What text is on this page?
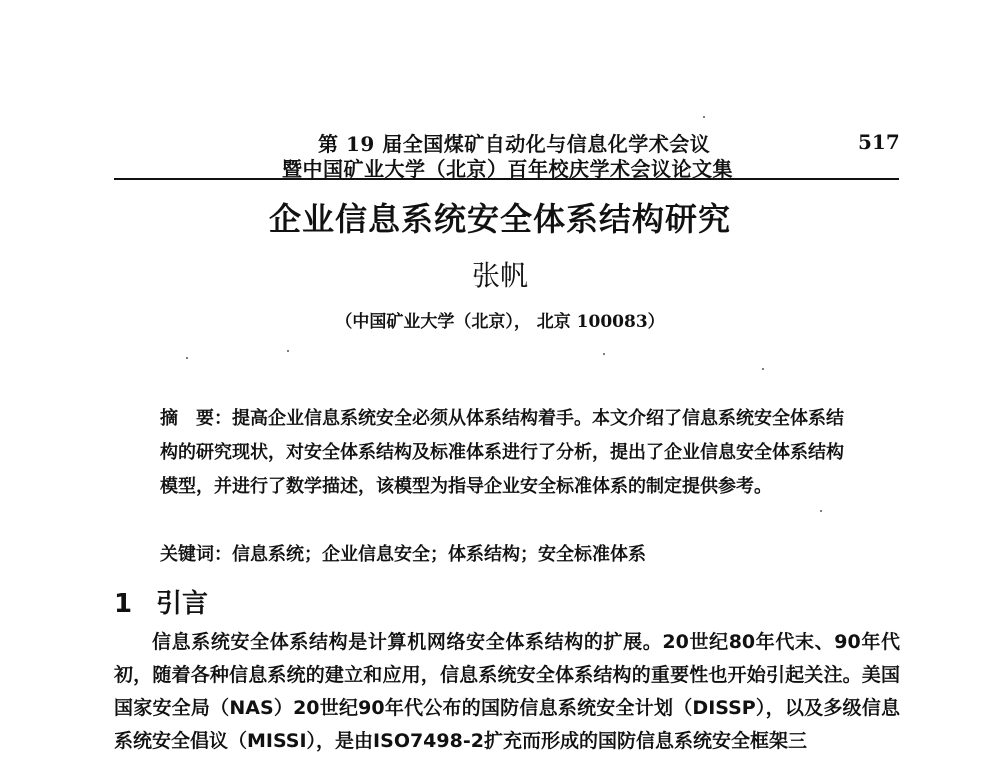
第 19 届全国煤矿自动化与信息化学术会议
暨中国矿业大学（北京）百年校庆学术会议论文集
517
企业信息系统安全体系结构研究
张帆
（中国矿业大学（北京）， 北京 100083）
摘　要：提高企业信息系统安全必须从体系结构着手。本文介绍了信息系统安全体系结构的研究现状，对安全体系结构及标准体系进行了分析，提出了企业信息安全体系结构模型，并进行了数学描述，该模型为指导企业安全标准体系的制定提供参考。
关键词：信息系统；企业信息安全；体系结构；安全标准体系
1 引言
信息系统安全体系结构是计算机网络安全体系结构的扩展。20世纪80年代末、90年代初，随着各种信息系统的建立和应用，信息系统安全体系结构的重要性也开始引起关注。美国国家安全局（NAS）20世纪90年代公布的国防信息系统安全计划（DISSP），以及多级信息系统安全倡议（MISSI），是由ISO7498-2扩充而形成的国防信息系统安全框架三
